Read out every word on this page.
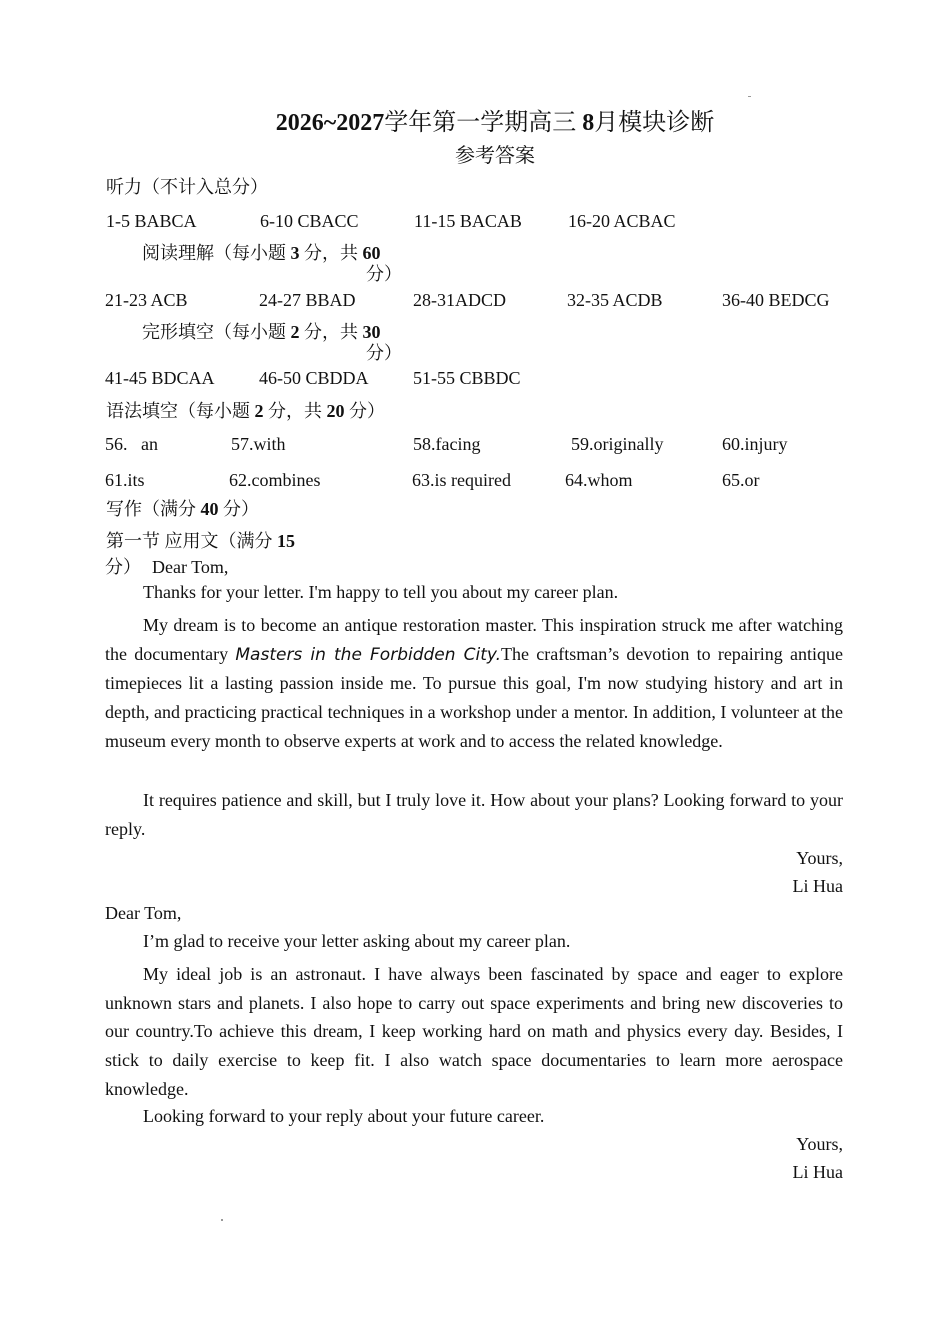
2026~2027学年第一学期高三 8月模块诊断
参考答案
听力（不计入总分）
1-5 BABCA	6-10 CBACC	11-15 BACAB	16-20 ACBAC
阅读理解（每小题 3 分，共 60
分）
21-23 ACB	24-27 BBAD	28-31ADCD	32-35 ACDB	36-40 BEDCG
完形填空（每小题 2 分，共 30
分）
41-45 BDCAA 46-50 CBDDA 51-55 CBBDC
语法填空（每小题 2 分，共 20 分）
56.   an	57.with	58.facing	59.originally	60.injury
61.its	62.combines	63.is required	64.whom	65.or
写作（满分 40 分）
第一节 应用文（满分 15
分） Dear Tom,
Thanks for your letter. I'm happy to tell you about my career plan.
My dream is to become an antique restoration master. This inspiration struck me after watching the documentary Masters in the Forbidden City.The craftsman’s devotion to repairing antique timepieces lit a lasting passion inside me. To pursue this goal, I'm now studying history and art in depth, and practicing practical techniques in a workshop under a mentor. In addition, I volunteer at the museum every month to observe experts at work and to access the related knowledge.
It requires patience and skill, but I truly love it. How about your plans? Looking forward to your reply.
Yours,
Li Hua
Dear Tom,
I’m glad to receive your letter asking about my career plan.
My ideal job is an astronaut. I have always been fascinated by space and eager to explore unknown stars and planets. I also hope to carry out space experiments and bring new discoveries to our country.To achieve this dream, I keep working hard on math and physics every day. Besides, I stick to daily exercise to keep fit. I also watch space documentaries to learn more aerospace knowledge.
Looking forward to your reply about your future career.
Yours,
Li Hua
